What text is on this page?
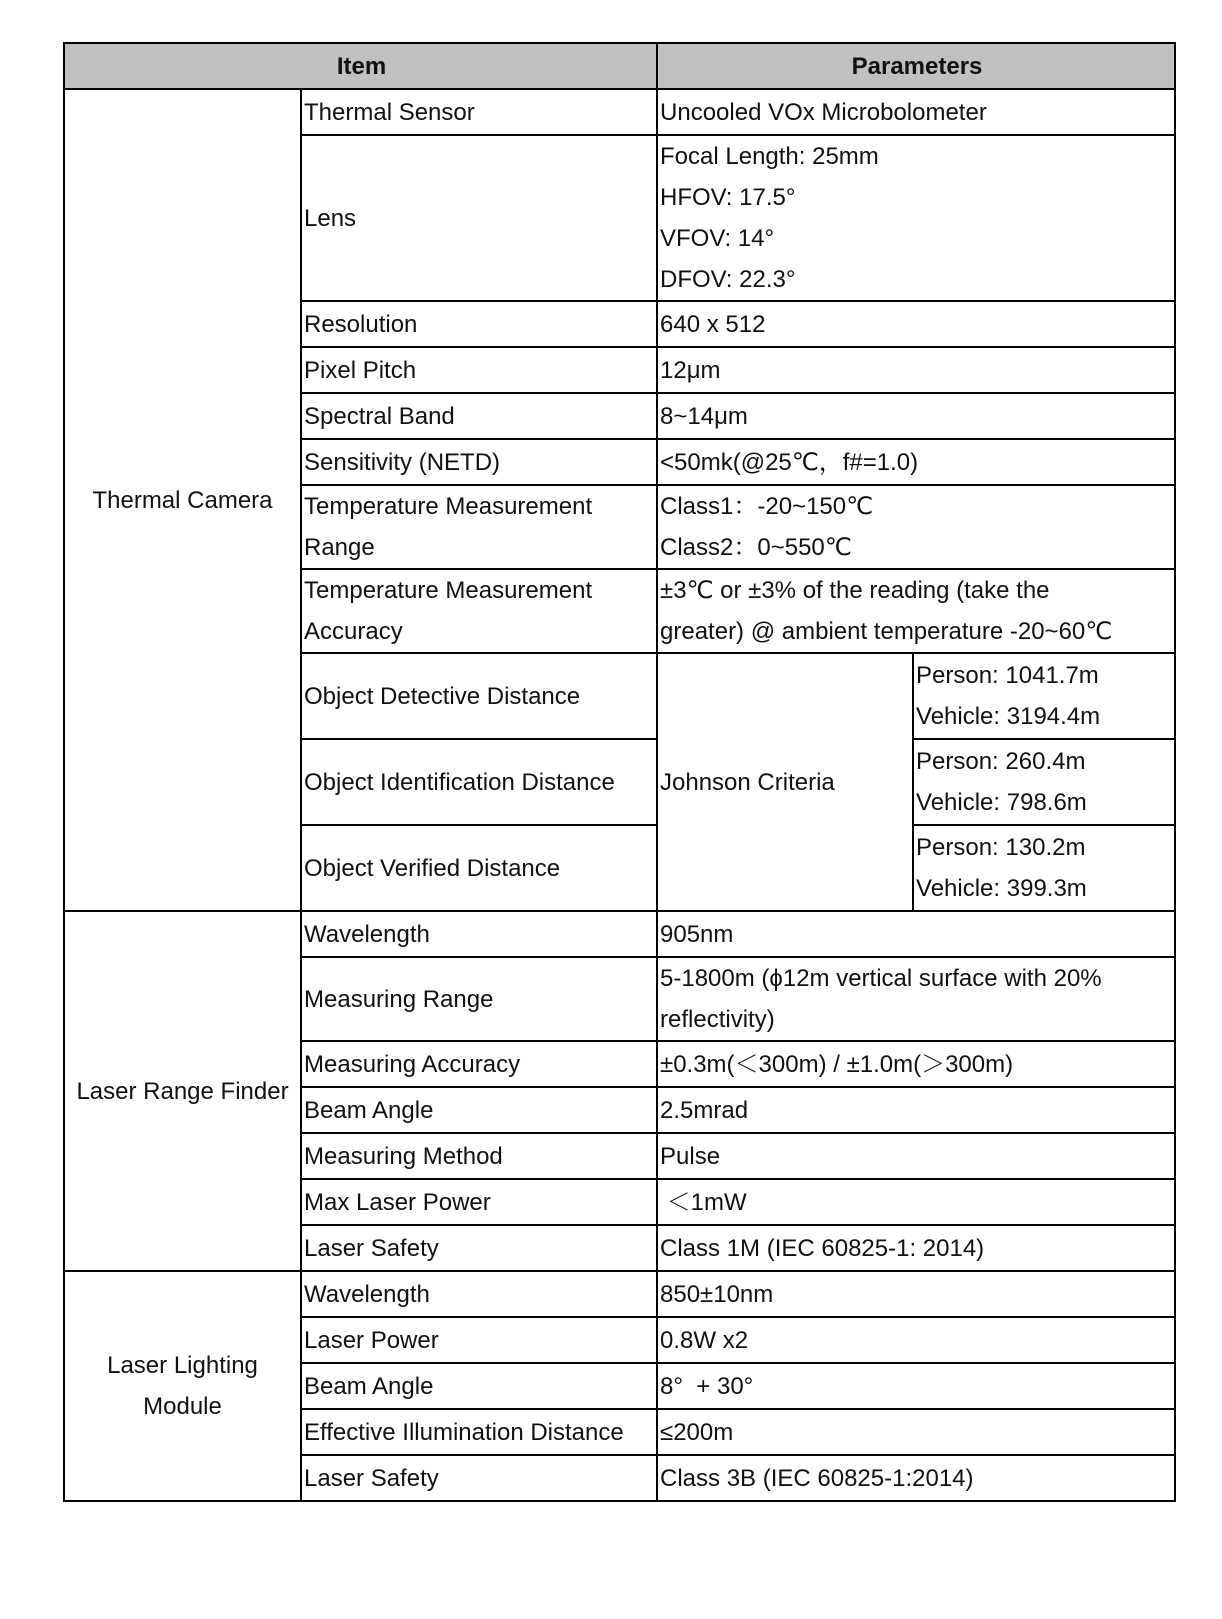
Item		Parameters	
Thermal Camera	Thermal Sensor	Uncooled VOx Microbolometer	
	Lens	Focal Length: 25mm
HFOV: 17.5°
VFOV: 14°
DFOV: 22.3°	

	Resolution	640 x 512	
	Pixel Pitch	12μm	
	Spectral Band	8~14μm	
	Sensitivity (NETD)	<50mk(@25℃，f#=1.0)	

	Temperature Measurement
Range	Class1：-20~150℃
Class2：0~550℃	

	Temperature Measurement
Accuracy	±3℃ or ±3% of the reading (take the
greater) @ ambient temperature -20~60℃	

	Object Detective Distance	Johnson Criteria	Person: 1041.7m
Vehicle: 3194.4m

	Object Identification Distance		Person: 260.4m
Vehicle: 798.6m

	Object Verified Distance		Person: 130.2m
Vehicle: 399.3m

Laser Range Finder	Wavelength	905nm	
	Measuring Range	5-1800m (ϕ12m vertical surface with 20%
reflectivity)	

	Measuring Accuracy	±0.3m(＜300m) / ±1.0m(＞300m)	
	Beam Angle	2.5mrad	
	Measuring Method	Pulse	
	Max Laser Power	＜1mW	
	Laser Safety	Class 1M (IEC 60825-1: 2014)	

Laser Lighting
Module	Wavelength	850±10nm	
	Laser Power	0.8W x2	
	Beam Angle	8°  + 30°	
	Effective Illumination Distance	≤200m	
	Laser Safety	Class 3B (IEC 60825-1:2014)	
